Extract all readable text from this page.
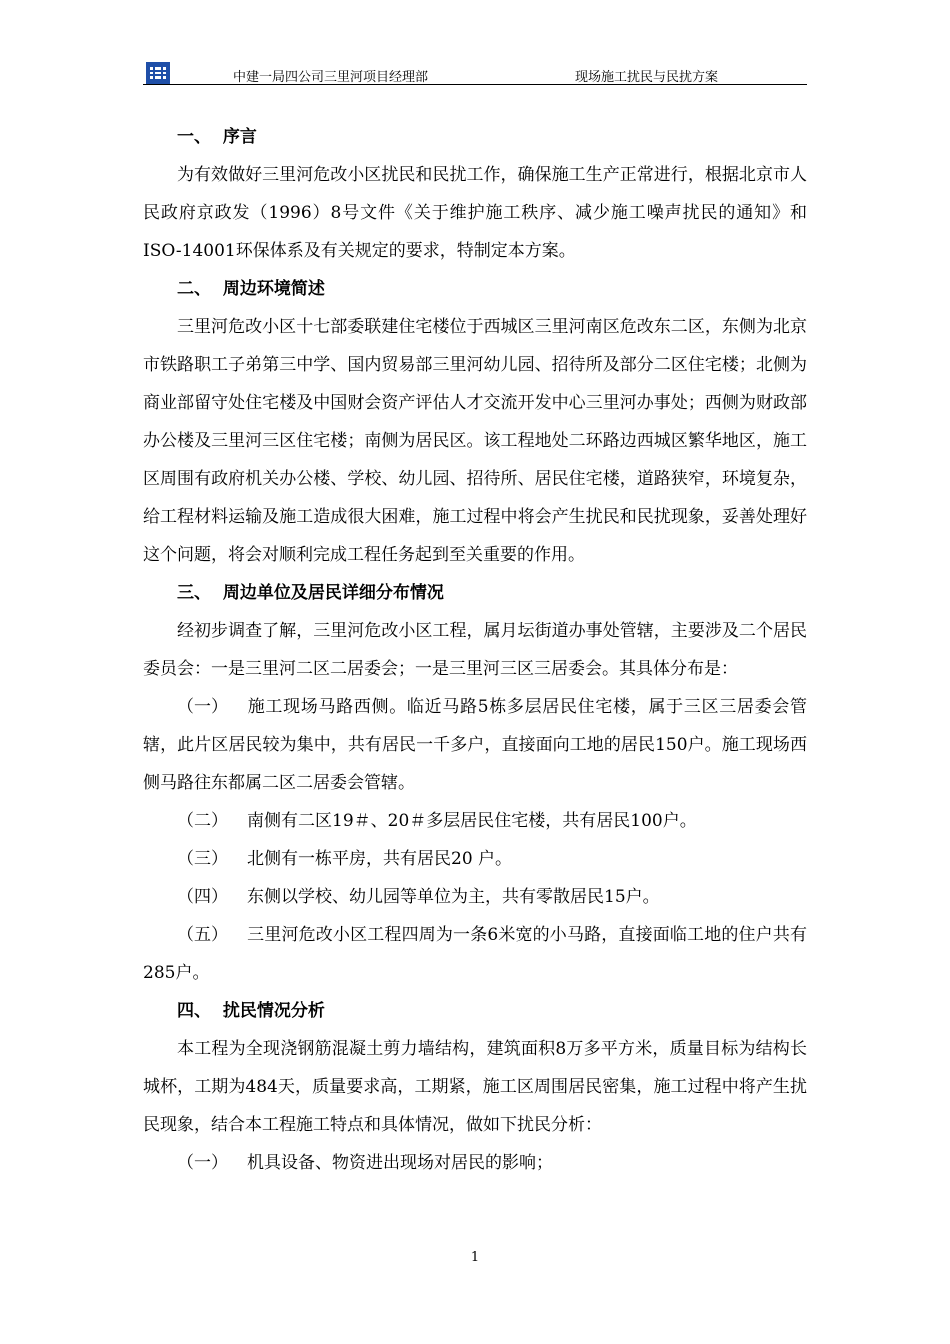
中建一局四公司三里河项目经理部	现场施工扰民与民扰方案
一、  序言

为有效做好三里河危改小区扰民和民扰工作，确保施工生产正常进行，根据北京市人民政府京政发（1996）8号文件《关于维护施工秩序、减少施工噪声扰民的通知》和ISO-14001环保体系及有关规定的要求，特制定本方案。

二、  周边环境简述

三里河危改小区十七部委联建住宅楼位于西城区三里河南区危改东二区，东侧为北京市铁路职工子弟第三中学、国内贸易部三里河幼儿园、招待所及部分二区住宅楼；北侧为商业部留守处住宅楼及中国财会资产评估人才交流开发中心三里河办事处；西侧为财政部办公楼及三里河三区住宅楼；南侧为居民区。该工程地处二环路边西城区繁华地区，施工区周围有政府机关办公楼、学校、幼儿园、招待所、居民住宅楼，道路狭窄，环境复杂，给工程材料运输及施工造成很大困难，施工过程中将会产生扰民和民扰现象，妥善处理好这个问题，将会对顺利完成工程任务起到至关重要的作用。

三、  周边单位及居民详细分布情况

经初步调查了解，三里河危改小区工程，属月坛街道办事处管辖，主要涉及二个居民委员会：一是三里河二区二居委会；一是三里河三区三居委会。其具体分布是：

（一） 施工现场马路西侧。临近马路5栋多层居民住宅楼，属于三区三居委会管辖，此片区居民较为集中，共有居民一千多户，直接面向工地的居民150户。施工现场西侧马路往东都属二区二居委会管辖。

（二） 南侧有二区19＃、20＃多层居民住宅楼，共有居民100户。

（三） 北侧有一栋平房，共有居民20 户。

（四） 东侧以学校、幼儿园等单位为主，共有零散居民15户。

（五） 三里河危改小区工程四周为一条6米宽的小马路，直接面临工地的住户共有285户。

四、  扰民情况分析

本工程为全现浇钢筋混凝土剪力墙结构，建筑面积8万多平方米，质量目标为结构长城杯，工期为484天，质量要求高，工期紧，施工区周围居民密集，施工过程中将产生扰民现象，结合本工程施工特点和具体情况，做如下扰民分析：

（一） 机具设备、物资进出现场对居民的影响；

1
